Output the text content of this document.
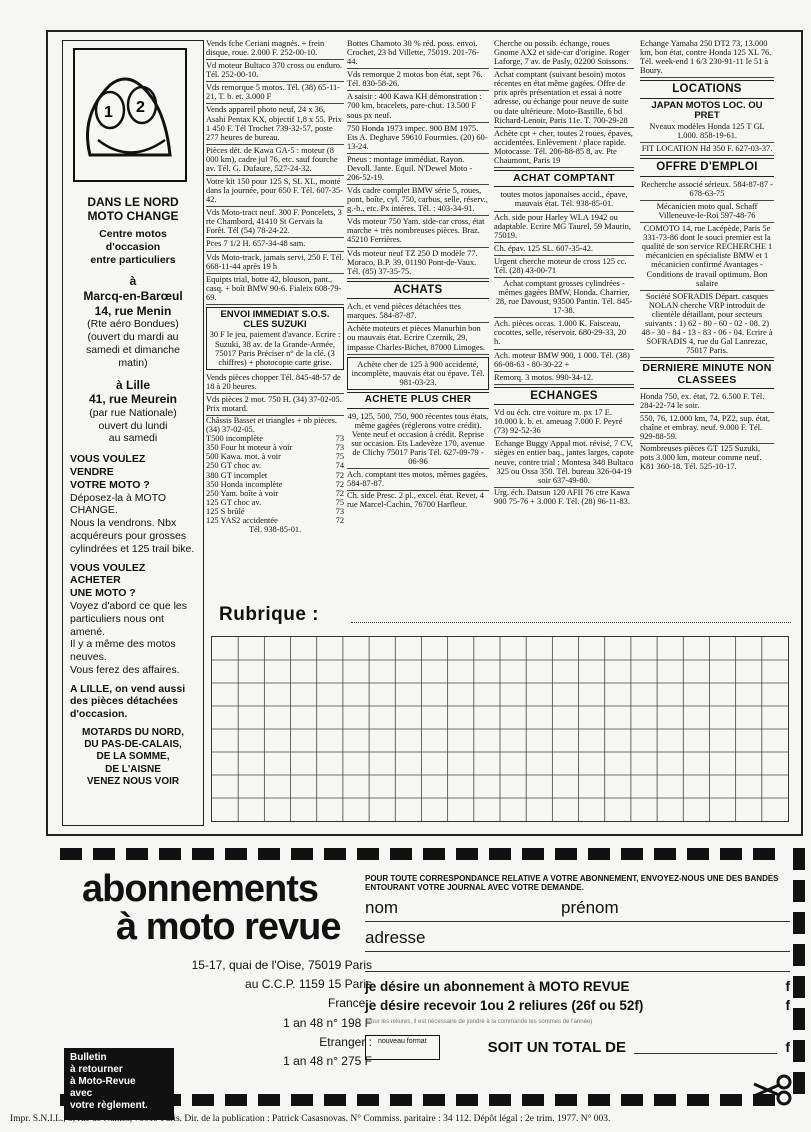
1 2
DANS LE NORD
MOTO CHANGE
Centre motos
d'occasion
entre particuliers
à
Marcq-en-Barœul
14, rue Menin
(Rte aéro Bondues)
(ouvert du mardi au
samedi et dimanche
matin)
à Lille
41, rue Meurein
(par rue Nationale)
ouvert du lundi
au samedi
VOUS VOULEZ
VENDRE
VOTRE MOTO ?
Déposez-la à MOTO CHANGE.
Nous la vendrons. Nbx acquéreurs pour grosses cylindrées et 125 trail bike.
VOUS VOULEZ
ACHETER
UNE MOTO ?
Voyez d'abord ce que les particuliers nous ont amené.
Il y a même des motos neuves.
Vous ferez des affaires.
A LILLE, on vend aussi des pièces détachées d'occasion.
MOTARDS DU NORD,
DU PAS-DE-CALAIS,
DE LA SOMME,
DE L'AISNE
VENEZ NOUS VOIR
Vends fche Ceriani magnés. + frein disque, roue. 2.000 F. 252-00-10.
Vd moteur Bultaco 370 cross ou enduro. Tél. 252-00-10.
Vds remorque 5 motos. Tél. (38) 65-11-21, T. b. et. 3.000 F
Vends appareil photo neuf, 24 x 36, Asahi Pentax KX, objectif 1,8 x 55. Prix 1 450 F. Tél Trochet 739-32-57, poste 277 heures de bureau.
Pièces dét. de Kawa GA-5 : moteur (8 000 km), cadre jul 76, etc. sauf fourche av. Tél. G. Dufaure, 527-24-32.
Votre kit 150 pour 125 S, SL XL, monté dans la journée, pour 650 F. Tél. 607-35-42.
Vds Moto-tract neuf. 300 F. Poncelets, 3 rte Chambord, 41410 St Gervais la Forêt. Tél (54) 78-24-22.
Pces 7 1/2 H. 657-34-48 sam.
Vds Moto-track, jamais servi, 250 F. Tél. 668-11-44 après 19 h
Equipts trial, botte 42, blouson, pant., casq. + boît BMW 90-6. Fialeix 608-79-69.
ENVOI IMMEDIAT S.O.S. CLES SUZUKI
30 F le jeu, paiement d'avance. Ecrire : Suzuki, 38 av. de la Grande-Armée, 75017 Paris Préciser n° de la clé. (3 chiffres) + photocopie carte grise.
Vends pièces chopper Tél. 845-48-57 de 18 à 20 heures.
Vds pièces 2 mot. 750 H. (34) 37-02-05. Prix motard.
Châssis Basset et triangles + nb pièces. (34) 37-02-05.
T500 incomplète	73
350 Four ht moteur à voir	73
500 Kawa. mot. à voir	75
250 GT choc av.	74
380 GT incomplet	72
350 Honda incomplète	72
250 Yam. boîte à voir	72
125 GT choc av.	75
125 S brûlé	73
125 YAS2 accidentée	72
Tél. 938-85-01.
Bottes Chamoto 30 % réd. poss. envoi. Crochet, 23 bd Villette, 75019. 201-76-44.
Vds remorque 2 motos bon état, sept 76. Tél. 830-58-26.
A saisir : 400 Kawa KH démonstration : 700 km, bracelets, pare-chut. 13.500 F sous px neuf.
750 Honda 1973 impec. 900 BM 1975. Ets A. Deghave 59610 Fourmies. (20) 60-13-24.
Pneus : montage immédiat. Rayon. Devoll. Jante. Equil. N'Dewel Moto - 206-52-19.
Vds cadre complet BMW série 5, roues, pont, boîte, cyl. 750, carbus, selle, réserv., g.-b., etc. Px intéres. Tél. : 403-34-91.
Vds moteur 750 Yam. side-car cross, état marche + très nombreuses pièces. Braz. 45210 Ferrières.
Vds moteur neuf TZ 250 D modèle 77. Moraco, B.P. 39, 01190 Pont-de-Vaux. Tél. (85) 37-35-75.
ACHATS
Ach. et vend pièces détachées ttes marques. 584-87-87.
Achète moteurs et pièces Manurhin bon ou mauvais état. Ecrire Czernik, 29, impasse Charles-Bichet, 87000 Limoges.
Achète cher de 125 à 900 accidenté, incomplète, mauvais état ou épave. Tél. 981-03-23.
ACHETE PLUS CHER
49, 125, 500, 750, 900 récentes tous états, même gagées (réglerons votre crédit). Vente neuf et occasion à crédit. Reprise sur occasion. Ets Ladevèze 170, avenue de Clichy 75017 Paris Tél. 627-09-79 - 06-96
Ach. comptant ttes motos, mêmes gagées. 584-87-87.
Ch. side Presc. 2 pl., excel. état. Revet, 4 rue Marcel-Cachin, 76700 Harfleur.
Cherche ou possib. échange, roues Gnome AX2 et side-car d'origine. Roger Laforge, 7 av. de Pasly, 02200 Soissons.
Achat comptant (suivant besoin) motos récentes en état même gagées. Offre de prix après présentation et essai à notre adresse, ou échange pour neuve de suite ou date ultérieure. Moto-Bastille, 6 bd Richard-Lenoir, Paris 11e. T. 700-29-28
Achète cpt + cher, toutes 2 roues, épaves, accidentées. Enlèvement / place rapide. Motocasse. Tél. 206-88-85 8, av. Pte Chaumont, Paris 19
ACHAT COMPTANT
toutes motos japonaises accid., épave, mauvais état. Tél. 938-85-01.
Ach. side pour Harley WLA 1942 ou adaptable. Ecrire MG Taurel, 59 Maurin, 75019.
Ch. épav. 125 SL. 607-35-42.
Urgent cherche moteur de cross 125 cc. Tél. (28) 43-00-71
Achat comptant grosses cylindrées - mêmes gagées BMW, Honda. Charrier, 28, rue Davoust, 93500 Pantin. Tél. 845-17-38.
Ach. pièces occas. 1.000 K. Faisceau, cocottes, selle, réservoir. 680-29-33, 20 h.
Ach. moteur BMW 900, 1 000. Tél. (38) 66-08-63 - 80-30-22 +
Remorq. 3 motos. 990-34-12.
ECHANGES
Vd ou éch. ctre voiture m. px 17 E. 10.000 k. b. et. ameuag 7.000 F. Peyré (73) 92-52-36
Echange Buggy Appal mot. révisé, 7 CV, sièges en entier baq., jantes larges, capote neuve, contre trial : Montesa 348 Bultaco 325 ou Ossa 350. Tél. bureau 326-04-19 soir 637-49-80.
Urg. éch. Datsun 120 AFII 76 ctre Kawa 900 75-76 + 3.000 F. Tél. (28) 96-11-83.
Echange Yamaha 250 DT2 73, 13.000 km, bon état, contre Honda 125 XL 76. Tél. week-end 1 6/3 230-91-11 le 51 à Boury.
LOCATIONS
JAPAN MOTOS LOC. OU PRET
Nveaux modèles Honda 125 T GL 1.000. 858-19-61.
FIT LOCATION Hd 350 F. 627-03-37.
OFFRE D'EMPLOI
Recherche associé sérieux. 584-87-87 - 678-63-75
Mécanicien moto qual. Schaff Villeneuve-le-Roi 597-48-76
COMOTO 14, rue Lacépède, Paris 5e 331-73-86 dont le souci premier est la qualité de son service RECHERCHE 1 mécanicien en spécialiste BMW et 1 mécanicien confirmé Avantages - Conditions de travail optimum. Bon salaire
Société SOFRADIS Départ. casques NOLAN cherche VRP introduit de clientèle détaillant, pour secteurs suivants : 1) 62 - 80 - 60 - 02 - 08. 2) 48 - 30 - 84 - 13 - 83 - 06 - 04. Ecrire à SOFRADIS 4, rue du Gal Lanrezac, 75017 Paris.
DERNIERE MINUTE NON CLASSEES
Honda 750, ex. état, 72. 6.500 F. Tél. 284-22-74 le soir.
550, 76, 12.000 km, 74, PZ2, sup. état, chaîne et embray. neuf. 9.000 F. Tél. 929-88-59.
Nombreuses pièces GT 125 Suzuki, pots 3.000 km, moteur comme neuf. K81 360-18. Tél. 525-10-17.
Rubrique :
abonnements
à moto revue
15-17, quai de l'Oise, 75019 Paris
au C.C.P. 1159 15 Paris
France :
1 an 48 n° 198 F
Etranger :
1 an 48 n° 275 F
Bulletin
à retourner
à Moto-Revue
avec
votre règlement.
POUR TOUTE CORRESPONDANCE RELATIVE A VOTRE ABONNEMENT, ENVOYEZ-NOUS UNE DES BANDES ENTOURANT VOTRE JOURNAL AVEC VOTRE DEMANDE.
nom	prénom
adresse
je désire un abonnement à MOTO REVUE	f
je désire recevoir 1ou 2 reliures (26f ou 52f)	f
(Pour les reliures, il est nécessaire de joindre à la commande les sommes de l'année)
nouveau format	SOIT UN TOTAL DE	f
Impr. S.N.I.L., 3, rue de Nantes, 75019 Paris. Dir. de la publication : Patrick Casasnovas. N° Commiss. paritaire : 34 112. Dépôt légal : 2e trim. 1977. N° 003.
